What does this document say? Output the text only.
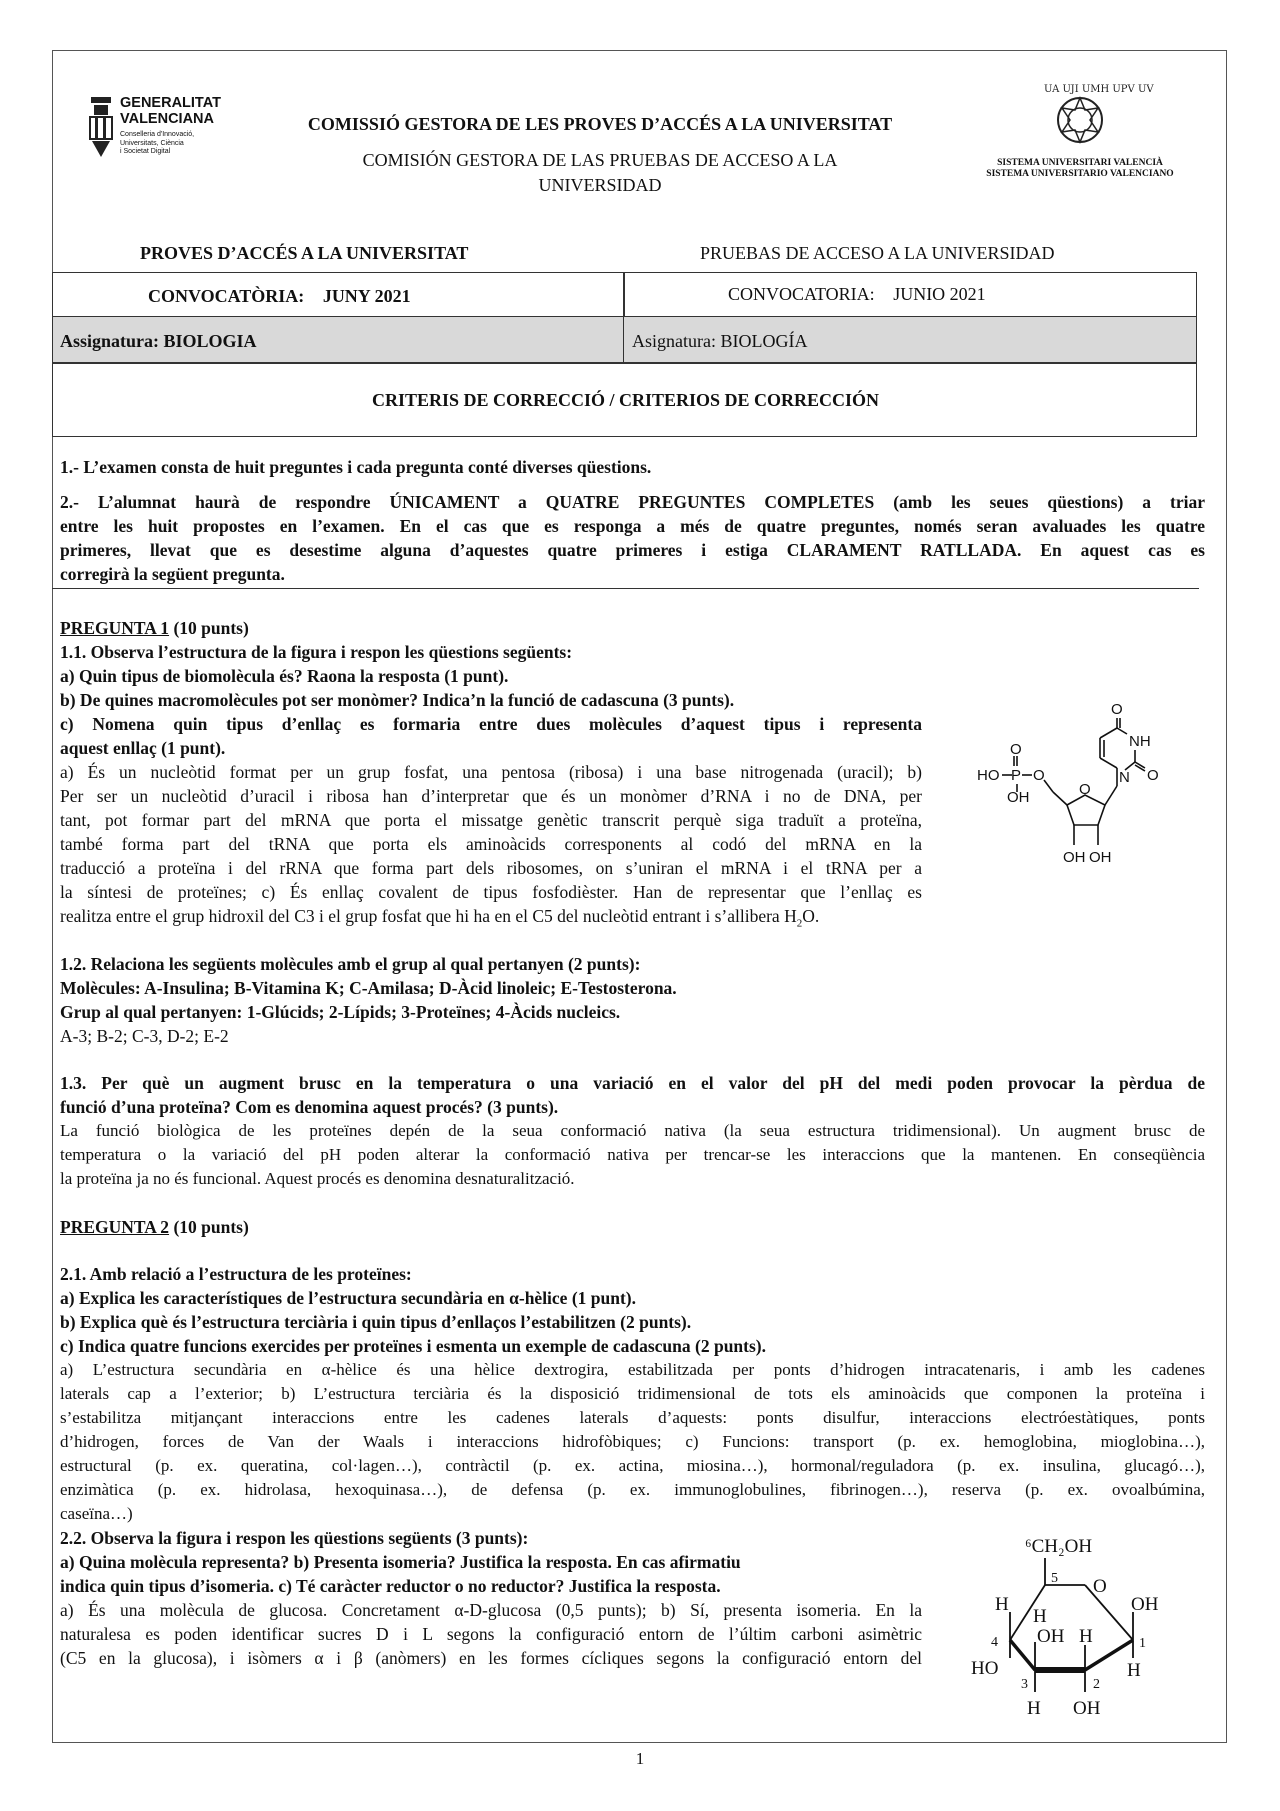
GENERALITAT
VALENCIANA
Conselleria d'Innovació,
Universitats, Ciència
i Societat Digital
COMISSIÓ GESTORA DE LES PROVES D’ACCÉS A LA UNIVERSITAT
COMISIÓN GESTORA DE LAS PRUEBAS DE ACCESO A LA
UNIVERSIDAD
UA UJI UMH UPV UV
SISTEMA UNIVERSITARI VALENCIÀ
SISTEMA UNIVERSITARIO VALENCIANO
PROVES D’ACCÉS A LA UNIVERSITAT	PRUEBAS DE ACCESO A LA UNIVERSIDAD
CONVOCATÒRIA: JUNY 2021	CONVOCATORIA: JUNIO 2021
Assignatura: BIOLOGIA	Asignatura: BIOLOGÍA
CRITERIS DE CORRECCIÓ / CRITERIOS DE CORRECCIÓN
1.- L’examen consta de huit preguntes i cada pregunta conté diverses qüestions.
2.- L’alumnat haurà de respondre ÚNICAMENT a QUATRE PREGUNTES COMPLETES (amb les seues qüestions) a triar
entre les huit propostes en l’examen. En el cas que es responga a més de quatre preguntes, només seran avaluades les quatre
primeres, llevat que es desestime alguna d’aquestes quatre primeres i estiga CLARAMENT RATLLADA. En aquest cas es
corregirà la següent pregunta.
PREGUNTA 1 (10 punts)
1.1. Observa l’estructura de la figura i respon les qüestions següents:
a) Quin tipus de biomolècula és? Raona la resposta (1 punt).
b) De quines macromolècules pot ser monòmer? Indica’n la funció de cadascuna (3 punts).
c) Nomena quin tipus d’enllaç es formaria entre dues molècules d’aquest tipus i representa
aquest enllaç (1 punt).
a) És un nucleòtid format per un grup fosfat, una pentosa (ribosa) i una base nitrogenada (uracil); b)
Per ser un nucleòtid d’uracil i ribosa han d’interpretar que és un monòmer d’RNA i no de DNA, per
tant, pot formar part del mRNA que porta el missatge genètic transcrit perquè siga traduït a proteïna,
també forma part del tRNA que porta els aminoàcids corresponents al codó del mRNA en la
traducció a proteïna i del rRNA que forma part dels ribosomes, on s’uniran el mRNA i el tRNA per a
la síntesi de proteïnes; c) És enllaç covalent de tipus fosfodièster. Han de representar que l’enllaç es
realitza entre el grup hidroxil del C3 i el grup fosfat que hi ha en el C5 del nucleòtid entrant i s’allibera $H_2O$.
O
NH
N O
O
HO P O
OH	O
OH OH
1.2. Relaciona les següents molècules amb el grup al qual pertanyen (2 punts):
Molècules: A-Insulina; B-Vitamina K; C-Amilasa; D-Àcid linoleic; E-Testosterona.
Grup al qual pertanyen: 1-Glúcids; 2-Lípids; 3-Proteïnes; 4-Àcids nucleics.
A-3; B-2; C-3, D-2; E-2
1.3. Per què un augment brusc en la temperatura o una variació en el valor del pH del medi poden provocar la pèrdua de
funció d’una proteïna? Com es denomina aquest procés? (3 punts).
La funció biològica de les proteïnes depén de la seua conformació nativa (la seua estructura tridimensional). Un augment brusc de
temperatura o la variació del pH poden alterar la conformació nativa per trencar-se les interaccions que la mantenen. En conseqüència
la proteïna ja no és funcional. Aquest procés es denomina desnaturalització.
PREGUNTA 2 (10 punts)
2.1. Amb relació a l’estructura de les proteïnes:
a) Explica les característiques de l’estructura secundària en α-hèlice (1 punt).
b) Explica què és l’estructura terciària i quin tipus d’enllaços l’estabilitzen (2 punts).
c) Indica quatre funcions exercides per proteïnes i esmenta un exemple de cadascuna (2 punts).
a) L’estructura secundària en α-hèlice és una hèlice dextrogira, estabilitzada per ponts d’hidrogen intracatenaris, i amb les cadenes
laterals cap a l’exterior; b) L’estructura terciària és la disposició tridimensional de tots els aminoàcids que componen la proteïna i
s’estabilitza mitjançant interaccions entre les cadenes laterals d’aquests: ponts disulfur, interaccions electróestàtiques, ponts
d’hidrogen, forces de Van der Waals i interaccions hidrofòbiques; c) Funcions: transport (p. ex. hemoglobina, mioglobina…),
estructural (p. ex. queratina, col·lagen…), contràctil (p. ex. actina, miosina…), hormonal/reguladora (p. ex. insulina, glucagó…),
enzimàtica (p. ex. hidrolasa, hexoquinasa…), de defensa (p. ex. immunoglobulines, fibrinogen…), reserva (p. ex. ovoalbúmina,
caseïna…)
2.2. Observa la figura i respon les qüestions següents (3 punts):
a) Quina molècula representa? b) Presenta isomeria? Justifica la resposta. En cas afirmatiu
indica quin tipus d’isomeria. c) Té caràcter reductor o no reductor? Justifica la resposta.
a) És una molècula de glucosa. Concretament α-D-glucosa (0,5 punts); b) Sí, presenta isomeria. En la
naturalesa es poden identificar sucres D i L segons la configuració entorn de l’últim carboni asimètric
(C5 en la glucosa), i isòmers α i β (anòmers) en les formes cícliques segons la configuració entorn del
⁶CH₂OH
5 O
H
H
OH
4 OH H	1
HO	H
3	2
H OH
1
